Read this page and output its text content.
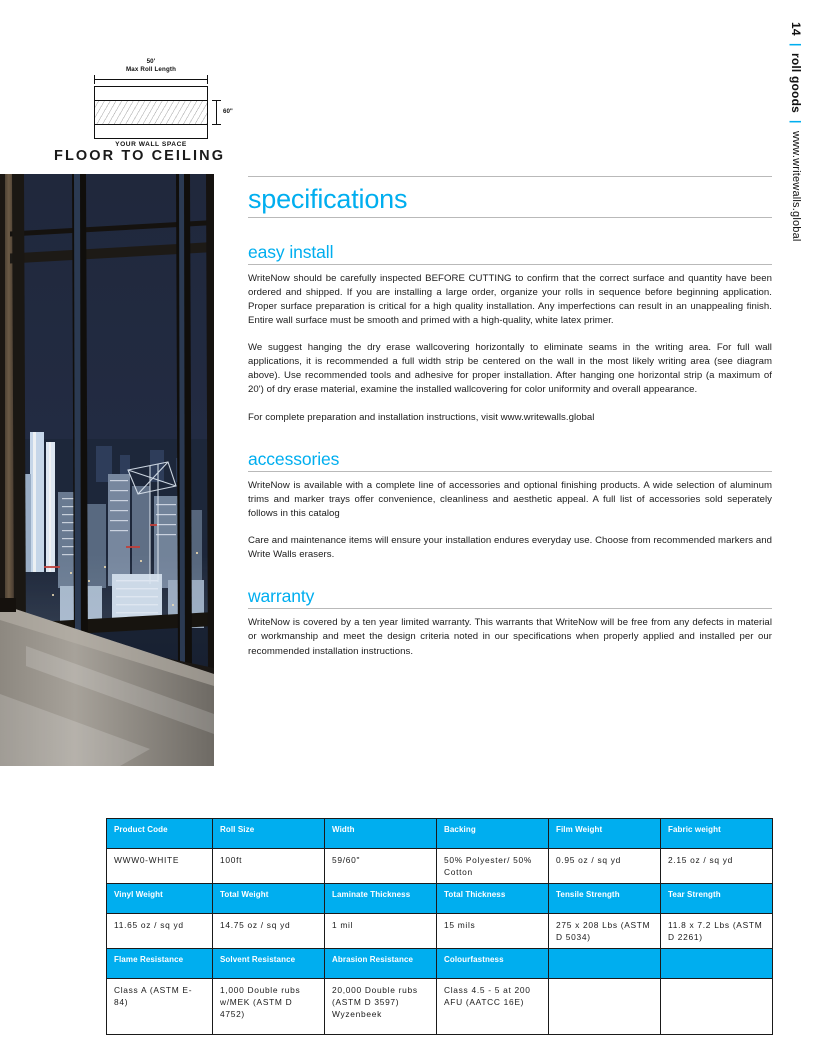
14
|
roll goods
|
www.writewalls.global
50'
Max Roll Length
60"
YOUR WALL SPACE
FLOOR TO CEILING
specifications
easy install

WriteNow should be carefully inspected BEFORE CUTTING to confirm that the correct surface and quantity have been ordered and shipped. If you are installing a large order, organize your rolls in sequence before beginning application. Proper surface preparation is critical for a high quality installation. Any imperfections can result in an unappealing finish. Entire wall surface must be smooth and primed with a high-quality, white latex primer.

We suggest hanging the dry erase wallcovering horizontally to eliminate seams in the writing area. For full wall applications, it is recommended a full width strip be centered on the wall in the most likely writing area (see diagram above). Use recommended tools and adhesive for proper installation. After hanging one horizontal strip (a maximum of 20') of dry erase material, examine the installed wallcovering for color uniformity and overall appearance.

For complete preparation and installation instructions, visit www.writewalls.global

accessories

WriteNow is available with a complete line of accessories and optional finishing products. A wide selection of aluminum trims and marker trays offer convenience, cleanliness and aesthetic appeal. A full list of accessories sold seperately follows in this catalog

Care and maintenance items will ensure your installation endures everyday use. Choose from recommended markers and Write Walls erasers.

warranty

WriteNow is covered by a ten year limited warranty. This warrants that WriteNow will be free from any defects in material or workmanship and meet the design criteria noted in our specifications when properly applied and installed per our recommended installation instructions.

Product Code	Roll Size	Width	Backing	Film Weight	Fabric weight
WWW0-WHITE	100ft	59/60"	50% Polyester/ 50% Cotton	0.95 oz / sq yd	2.15 oz / sq yd
Vinyl Weight	Total Weight	Laminate Thickness	Total Thickness	Tensile Strength	Tear Strength
11.65 oz / sq yd	14.75 oz / sq yd	1 mil	15 mils	275 x 208 Lbs (ASTM D 5034)	11.8 x 7.2 Lbs (ASTM D 2261)
Flame Resistance	Solvent Resistance	Abrasion Resistance	Colourfastness		
Class A (ASTM E-84)	1,000 Double rubs w/MEK (ASTM D 4752)	20,000 Double rubs (ASTM D 3597) Wyzenbeek	Class 4.5 - 5 at 200 AFU (AATCC 16E)		
